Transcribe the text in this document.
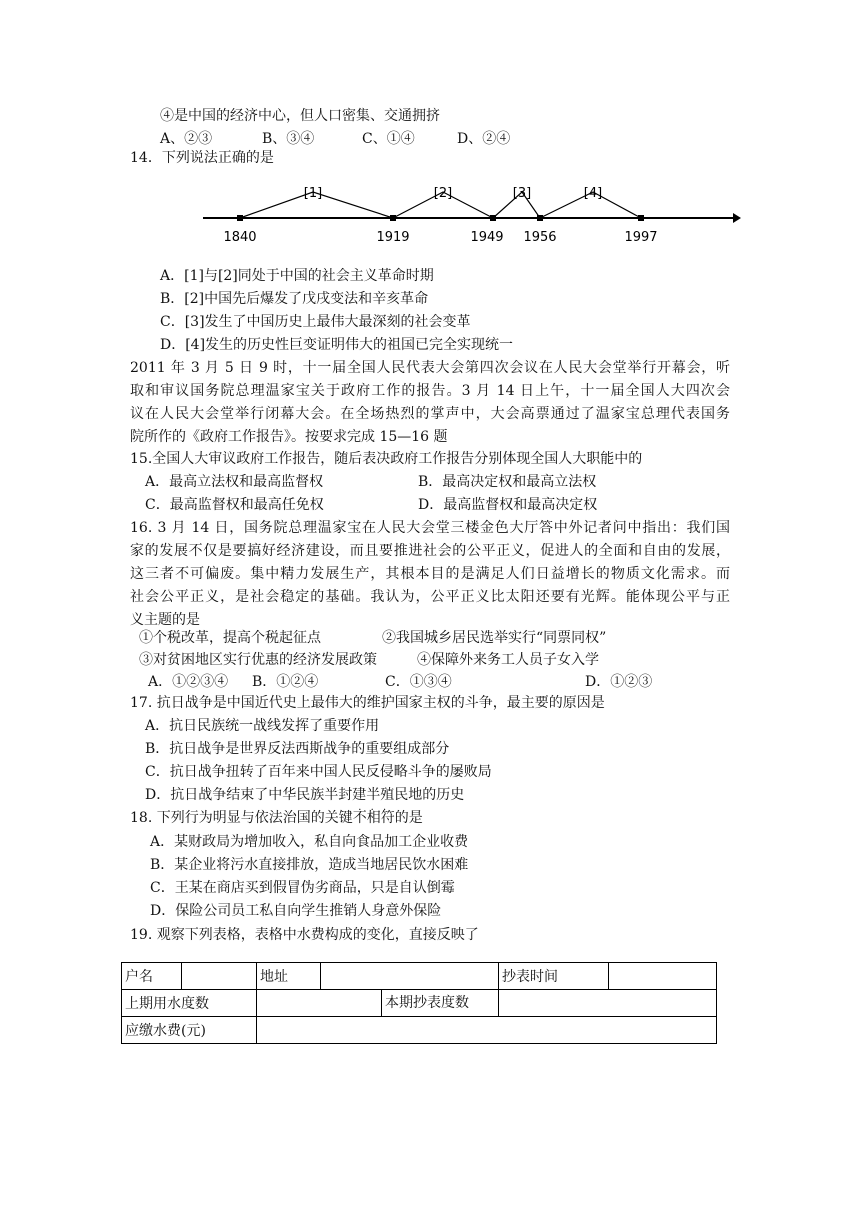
④是中国的经济中心，但人口密集、交通拥挤
A、②③	B、③④	C、①④	D、②④
14．下列说法正确的是
[1]	[2]	[3]	[4]
1840	1919	1949 1956	1997
A．[1]与[2]同处于中国的社会主义革命时期
B．[2]中国先后爆发了戊戌变法和辛亥革命
C．[3]发生了中国历史上最伟大最深刻的社会变革
D．[4]发生的历史性巨变证明伟大的祖国已完全实现统一
2011 年 3 月 5 日 9 时，十一届全国人民代表大会第四次会议在人民大会堂举行开幕会，听
取和审议国务院总理温家宝关于政府工作的报告。3 月 14 日上午，十一届全国人大四次会
议在人民大会堂举行闭幕大会。在全场热烈的掌声中，大会高票通过了温家宝总理代表国务
院所作的《政府工作报告》。按要求完成 15—16 题
15.全国人大审议政府工作报告，随后表决政府工作报告分别体现全国人大职能中的
A．最高立法权和最高监督权	B．最高决定权和最高立法权
C．最高监督权和最高任免权	D．最高监督权和最高决定权
16. 3 月 14 日，国务院总理温家宝在人民大会堂三楼金色大厅答中外记者问中指出：我们国
家的发展不仅是要搞好经济建设，而且要推进社会的公平正义，促进人的全面和自由的发展，
这三者不可偏废。集中精力发展生产，其根本目的是满足人们日益增长的物质文化需求。而
社会公平正义，是社会稳定的基础。我认为，公平正义比太阳还要有光辉。能体现公平与正
义主题的是
①个税改革，提高个税起征点	②我国城乡居民选举实行“同票同权”
③对贫困地区实行优惠的经济发展政策	④保障外来务工人员子女入学
A．①②③④ B．①②④	C．①③④	D．①②③
17. 抗日战争是中国近代史上最伟大的维护国家主权的斗争，最主要的原因是
A．抗日民族统一战线发挥了重要作用
B．抗日战争是世界反法西斯战争的重要组成部分
C．抗日战争扭转了百年来中国人民反侵略斗争的屡败局
D．抗日战争结束了中华民族半封建半殖民地的历史
18. 下列行为明显与依法治国的关键不相符 · · ·的是
A．某财政局为增加收入，私自向食品加工企业收费
B．某企业将污水直接排放，造成当地居民饮水困难
C．王某在商店买到假冒伪劣商品，只是自认倒霉
D．保险公司员工私自向学生推销人身意外保险
19. 观察下列表格，表格中水费构成的变化，直接反映了
户名		地址		抄表时间	
上期用水度数		本期抄表度数			

应缴水费(元)					
